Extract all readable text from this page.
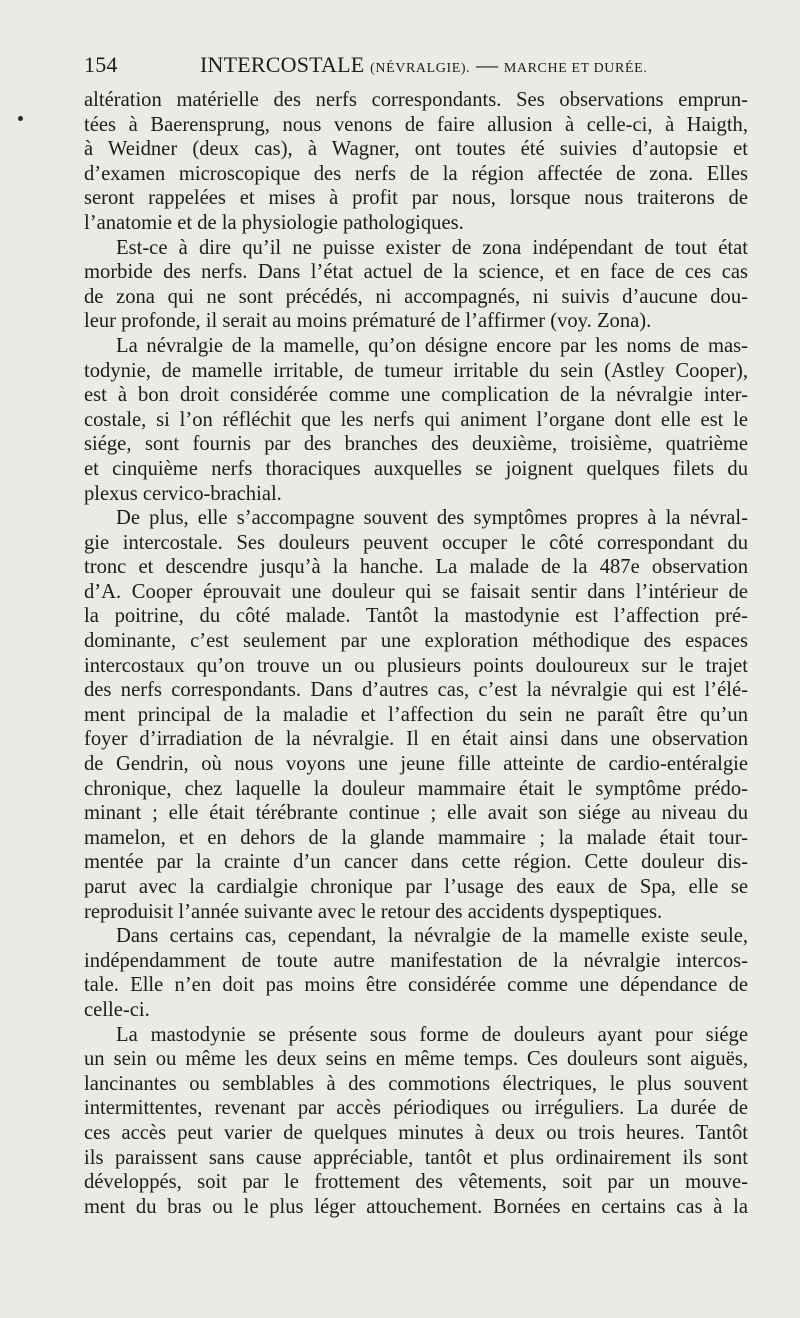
154	INTERCOSTALE (NÉVRALGIE). — MARCHE ET DURÉE.
altération matérielle des nerfs correspondants. Ses observations emprun-
tées à Baerensprung, nous venons de faire allusion à celle-ci, à Haigth,
à Weidner (deux cas), à Wagner, ont toutes été suivies d’autopsie et
d’examen microscopique des nerfs de la région affectée de zona. Elles
seront rappelées et mises à profit par nous, lorsque nous traiterons de
l’anatomie et de la physiologie pathologiques.
Est-ce à dire qu’il ne puisse exister de zona indépendant de tout état
morbide des nerfs. Dans l’état actuel de la science, et en face de ces cas
de zona qui ne sont précédés, ni accompagnés, ni suivis d’aucune dou-
leur profonde, il serait au moins prématuré de l’affirmer (voy. Zona).
La névralgie de la mamelle, qu’on désigne encore par les noms de mas-
todynie, de mamelle irritable, de tumeur irritable du sein (Astley Cooper),
est à bon droit considérée comme une complication de la névralgie inter-
costale, si l’on réfléchit que les nerfs qui animent l’organe dont elle est le
siége, sont fournis par des branches des deuxième, troisième, quatrième
et cinquième nerfs thoraciques auxquelles se joignent quelques filets du
plexus cervico-brachial.
De plus, elle s’accompagne souvent des symptômes propres à la névral-
gie intercostale. Ses douleurs peuvent occuper le côté correspondant du
tronc et descendre jusqu’à la hanche. La malade de la 487e observation
d’A. Cooper éprouvait une douleur qui se faisait sentir dans l’intérieur de
la poitrine, du côté malade. Tantôt la mastodynie est l’affection pré-
dominante, c’est seulement par une exploration méthodique des espaces
intercostaux qu’on trouve un ou plusieurs points douloureux sur le trajet
des nerfs correspondants. Dans d’autres cas, c’est la névralgie qui est l’élé-
ment principal de la maladie et l’affection du sein ne paraît être qu’un
foyer d’irradiation de la névralgie. Il en était ainsi dans une observation
de Gendrin, où nous voyons une jeune fille atteinte de cardio-entéralgie
chronique, chez laquelle la douleur mammaire était le symptôme prédo-
minant ; elle était térébrante continue ; elle avait son siége au niveau du
mamelon, et en dehors de la glande mammaire ; la malade était tour-
mentée par la crainte d’un cancer dans cette région. Cette douleur dis-
parut avec la cardialgie chronique par l’usage des eaux de Spa, elle se
reproduisit l’année suivante avec le retour des accidents dyspeptiques.
Dans certains cas, cependant, la névralgie de la mamelle existe seule,
indépendamment de toute autre manifestation de la névralgie intercos-
tale. Elle n’en doit pas moins être considérée comme une dépendance de
celle-ci.
La mastodynie se présente sous forme de douleurs ayant pour siége
un sein ou même les deux seins en même temps. Ces douleurs sont aiguës,
lancinantes ou semblables à des commotions électriques, le plus souvent
intermittentes, revenant par accès périodiques ou irréguliers. La durée de
ces accès peut varier de quelques minutes à deux ou trois heures. Tantôt
ils paraissent sans cause appréciable, tantôt et plus ordinairement ils sont
développés, soit par le frottement des vêtements, soit par un mouve-
ment du bras ou le plus léger attouchement. Bornées en certains cas à la
